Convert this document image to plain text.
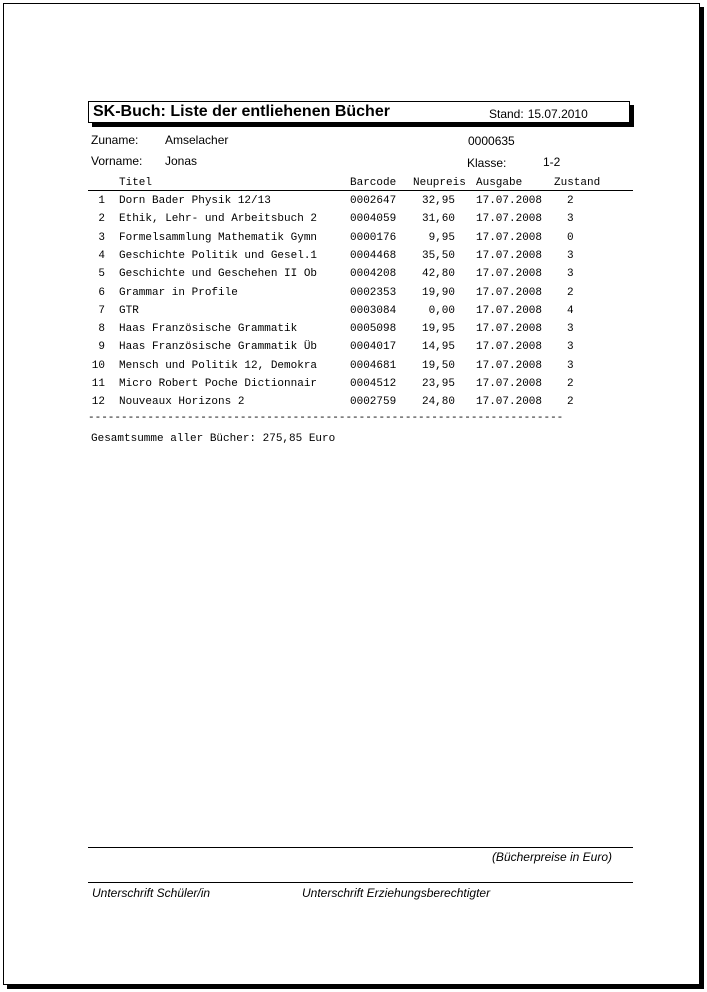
SK-Buch: Liste der entliehenen Bücher	Stand: 15.07.2010
Zuname: Amselacher	0000635
Vorname: Jonas	Klasse:	1-2
Titel	Barcode Neupreis Ausgabe	Zustand
1 Dorn Bader Physik 12/13	0002647	32,95 17.07.2008 2
2 Ethik, Lehr- und Arbeitsbuch 2	0004059	31,60 17.07.2008 3
3 Formelsammlung Mathematik Gymn	0000176	9,95 17.07.2008 0
4 Geschichte Politik und Gesel.1	0004468	35,50 17.07.2008 3
5 Geschichte und Geschehen II Ob	0004208	42,80 17.07.2008 3
6 Grammar in Profile	0002353	19,90 17.07.2008 2
7 GTR	0003084	0,00 17.07.2008 4
8 Haas Französische Grammatik	0005098	19,95 17.07.2008 3
9 Haas Französische Grammatik Üb	0004017	14,95 17.07.2008 3
10 Mensch und Politik 12, Demokra	0004681	19,50 17.07.2008 3
11 Micro Robert Poche Dictionnair	0004512	23,95 17.07.2008 2
12 Nouveaux Horizons 2	0002759	24,80 17.07.2008 2
------------------------------------------------------------------------
Gesamtsumme aller Bücher: 275,85 Euro
(Bücherpreise in Euro)
Unterschrift Schüler/in	Unterschrift Erziehungsberechtigter
